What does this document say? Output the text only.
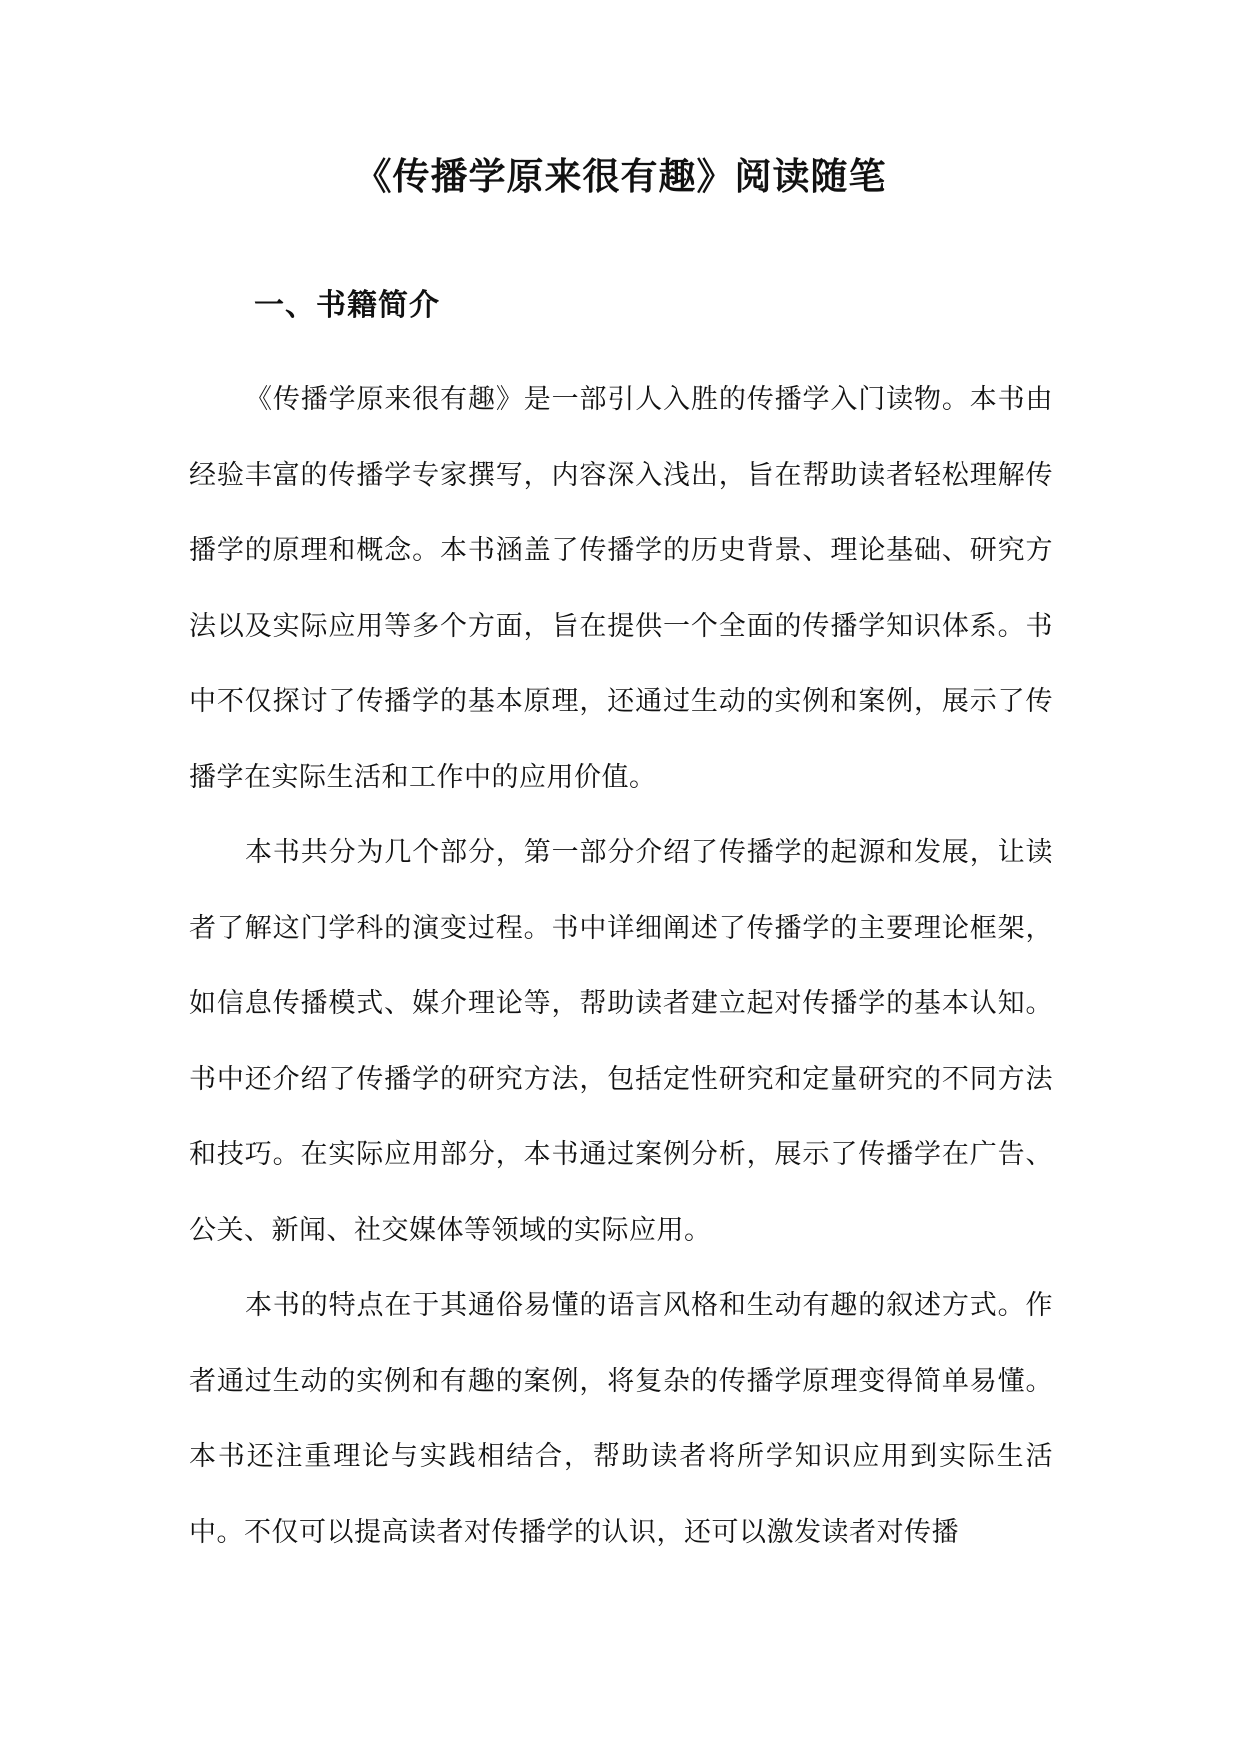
《传播学原来很有趣》阅读随笔
一、书籍简介

《传播学原来很有趣》是一部引人入胜的传播学入门读物。本书由经验丰富的传播学专家撰写，内容深入浅出，旨在帮助读者轻松理解传播学的原理和概念。本书涵盖了传播学的历史背景、理论基础、研究方法以及实际应用等多个方面，旨在提供一个全面的传播学知识体系。书中不仅探讨了传播学的基本原理，还通过生动的实例和案例，展示了传播学在实际生活和工作中的应用价值。

本书共分为几个部分，第一部分介绍了传播学的起源和发展，让读者了解这门学科的演变过程。书中详细阐述了传播学的主要理论框架，如信息传播模式、媒介理论等，帮助读者建立起对传播学的基本认知。书中还介绍了传播学的研究方法，包括定性研究和定量研究的不同方法和技巧。在实际应用部分，本书通过案例分析，展示了传播学在广告、公关、新闻、社交媒体等领域的实际应用。

本书的特点在于其通俗易懂的语言风格和生动有趣的叙述方式。作者通过生动的实例和有趣的案例，将复杂的传播学原理变得简单易懂。本书还注重理论与实践相结合，帮助读者将所学知识应用到实际生活中。不仅可以提高读者对传播学的认识，还可以激发读者对传播
